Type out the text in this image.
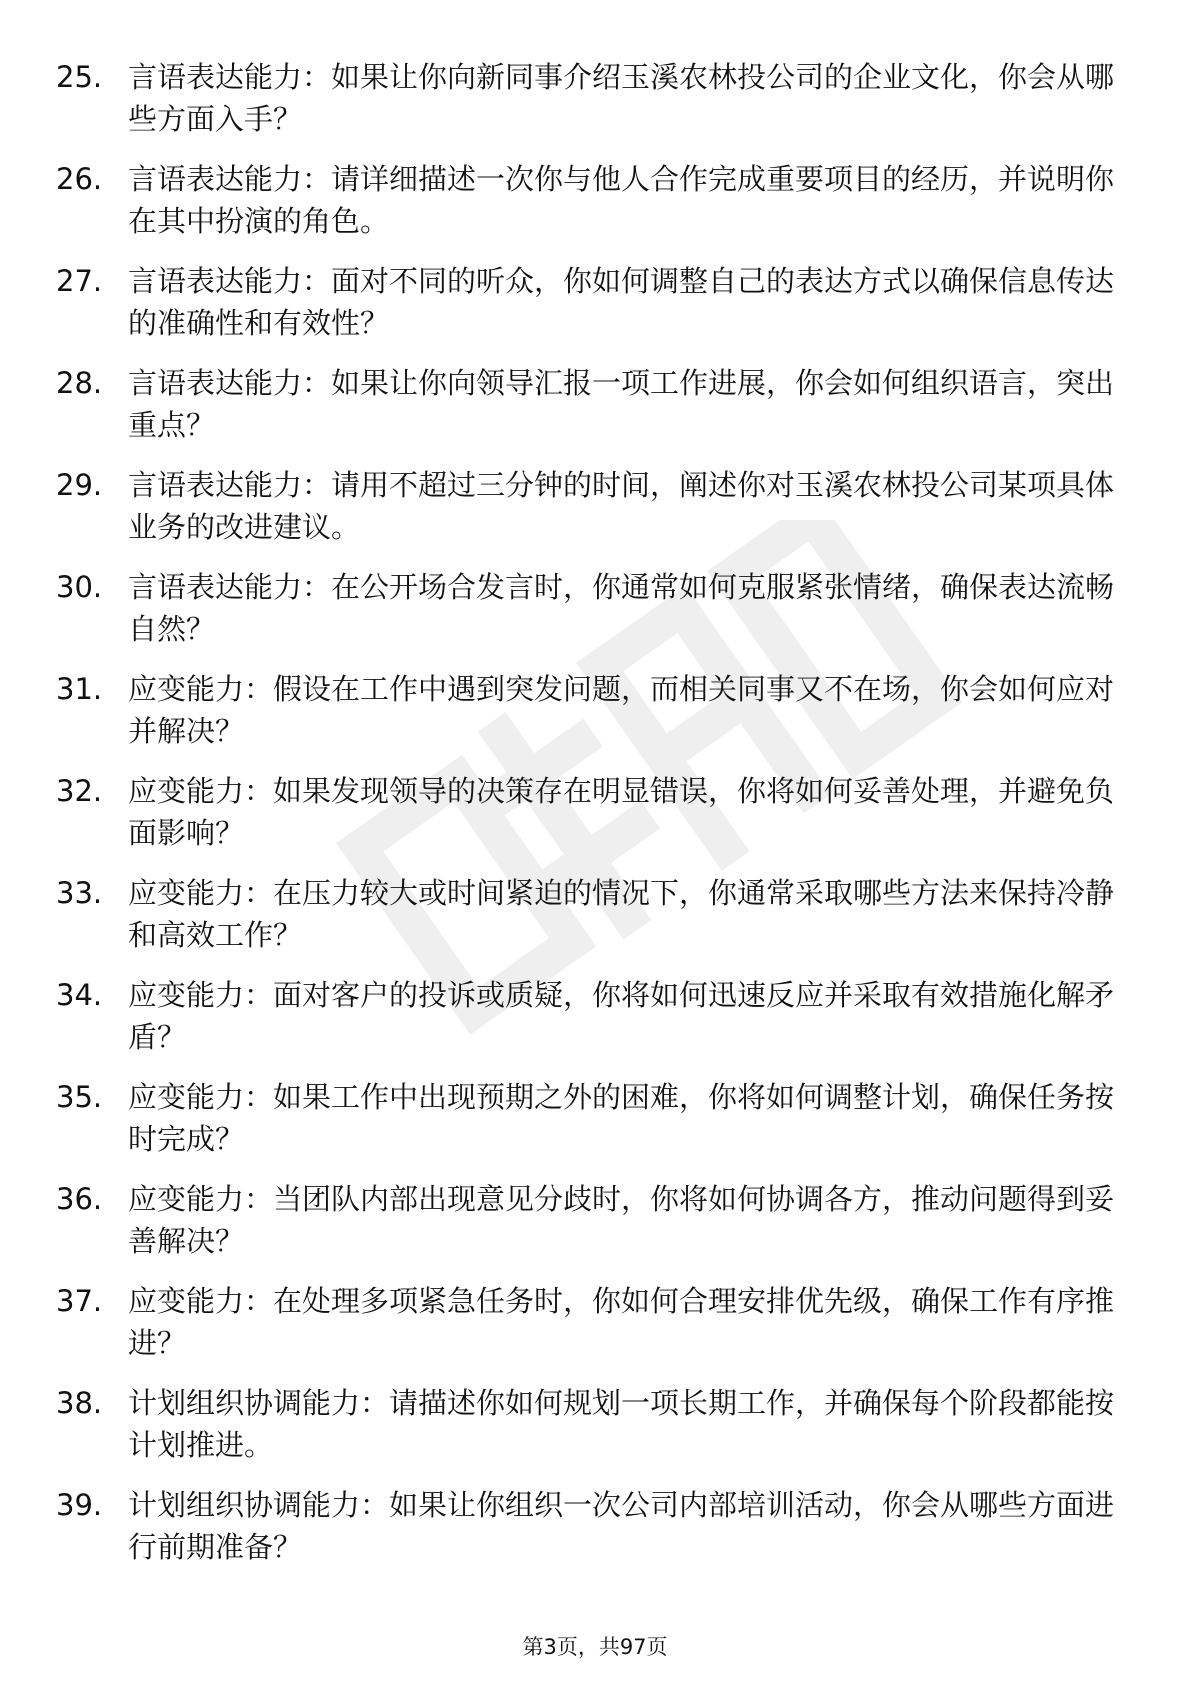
25. 言语表达能力：如果让你向新同事介绍玉溪农林投公司的企业文化，你会从哪些方面入手？
26. 言语表达能力：请详细描述一次你与他人合作完成重要项目的经历，并说明你在其中扮演的角色。
27. 言语表达能力：面对不同的听众，你如何调整自己的表达方式以确保信息传达的准确性和有效性？
28. 言语表达能力：如果让你向领导汇报一项工作进展，你会如何组织语言，突出重点？
29. 言语表达能力：请用不超过三分钟的时间，阐述你对玉溪农林投公司某项具体业务的改进建议。
30. 言语表达能力：在公开场合发言时，你通常如何克服紧张情绪，确保表达流畅自然？
31. 应变能力：假设在工作中遇到突发问题，而相关同事又不在场，你会如何应对并解决？
32. 应变能力：如果发现领导的决策存在明显错误，你将如何妥善处理，并避免负面影响？
33. 应变能力：在压力较大或时间紧迫的情况下，你通常采取哪些方法来保持冷静和高效工作？
34. 应变能力：面对客户的投诉或质疑，你将如何迅速反应并采取有效措施化解矛盾？
35. 应变能力：如果工作中出现预期之外的困难，你将如何调整计划，确保任务按时完成？
36. 应变能力：当团队内部出现意见分歧时，你将如何协调各方，推动问题得到妥善解决？
37. 应变能力：在处理多项紧急任务时，你如何合理安排优先级，确保工作有序推进？
38. 计划组织协调能力：请描述你如何规划一项长期工作，并确保每个阶段都能按计划推进。
39. 计划组织协调能力：如果让你组织一次公司内部培训活动，你会从哪些方面进行前期准备？
第3页，共97页
